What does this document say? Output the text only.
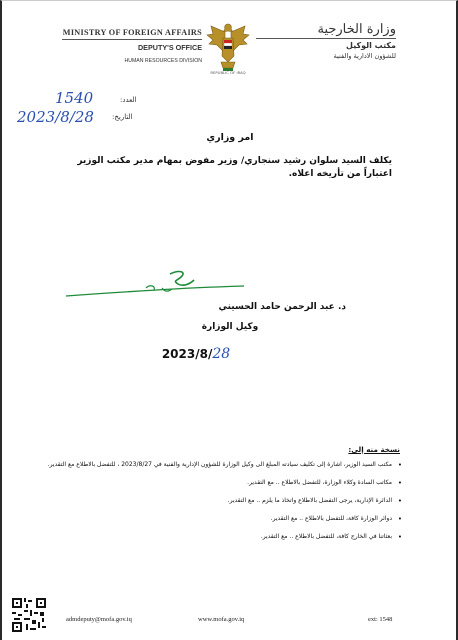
MINISTRY OF FOREIGN AFFAIRS
DEPUTY'S OFFICE
HUMAN RESOURCES DIVISION
REPUBLIC OF IRAQ
وزارة الخارجية
مكتب الوكيل
للشؤون الادارية والفنية
العدد:
1540
التاريخ:
2023/8/28
امر وزاري
يكلف السيد سلوان رشيد سنجاري/ وزير مفوض بمهام مدير مكتب الوزير اعتباراً من تأريخه اعلاه.
د. عبد الرحمن حامد الحسيني
وكيل الوزارة
2023/8/28
نسخة منه إلى:
•
مكتب السيد الوزير، اشارة إلى تكليف سيادته المبلغ الى وكيل الوزارة للشؤون الإدارية والفنية في 2023/8/27 ، للتفضل بالاطلاع مع التقدير.
•
مكاتب السادة وكلاء الوزارة، للتفضل بالاطلاع .. مع التقدير.
•
الدائرة الإدارية، يرجى التفضل بالاطلاع واتخاذ ما يلزم .. مع التقدير.
•
دوائر الوزارة كافة، للتفضل بالاطلاع .. مع التقدير.
•
بعثاتنا في الخارج كافة، للتفضل بالاطلاع .. مع التقدير.
admdeputy@mofa.gov.iq	www.mofa.gov.iq	ext: 1548
